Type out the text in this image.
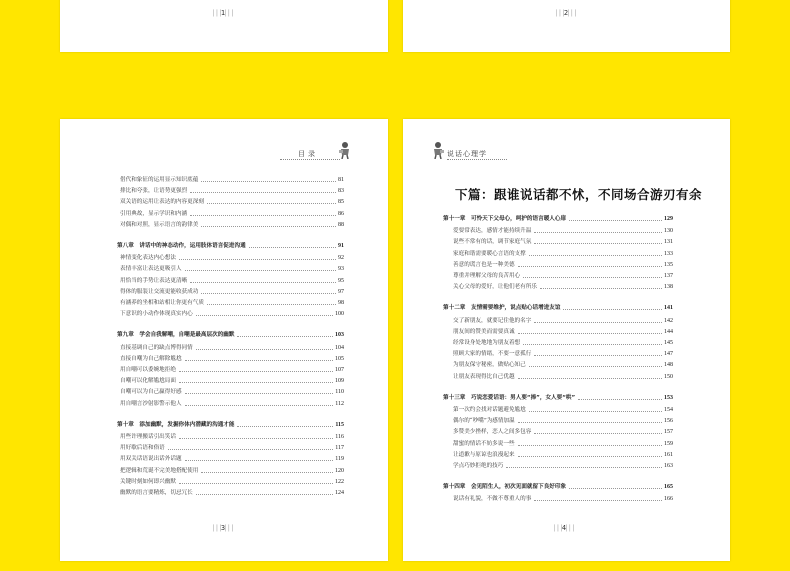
▕▕▕ 1 ▏▏▏	▕▕▕ 2 ▏▏▏
目录
借代和象征的运用显示知识底蕴	81
排比和夸张，让语势更强烈	83
双关语的运用让表达的内容更深刻	85
引用典故，显示学识和内涵	86
对偶和对照，显示语言的韵律美	88
第八章　讲话中的神态动作，运用肢体语言促进沟通	91
神情变化表达内心想法	92
表情丰富让表达更吸引人	93
用恰当的手势让表达更清晰	95
得体的服装让交流更能收获成功	97
有涵养的坐相和站相让你更有气质	98
下意识的小动作体现真实内心	100
第九章　学会自我解嘲，自嘲是最高层次的幽默	103
直接基调自己的缺点博得同情	104
直接自嘲为自己解除尴尬	105
用自嘲可以委婉地拒绝	107
自嘲可以化解尴尬局面	109
自嘲可以为自己赢得好感	110
用自嘲言沙射影警示他人	112
第十章　添加幽默，发掘你体内潜藏的沟通才能	115
用些许理搬话引出笑话	116
用好歇后语和俗语	117
用双关话语说出话外话题	119
把逻辑和荒诞不完美地搭配使用	120
关键时刻如何即兴幽默	122
幽默的语言要精炼，切忌冗长	124
▕▕▕ 3 ▏▏▏
说话心理学
下篇：跟谁说话都不怵，不同场合游刃有余
第十一章　可怜天下父母心，呵护的语言暖人心扉	129
爱要常表达，感情才能持续升温	130
说些不常有的话，调节家庭气氛	131
家庭和谐需要暖心言语的支撑	133
善意的谎言也是一种美德	135
尊重并理解父母的良苦用心	137
关心父母的爱好，让他们老有所乐	138
第十二章　友情需要维护，说点贴心话增进友谊	141
交了新朋友，就要记住他的名字	142
朋友间的赞美而需要真诚	144
经常设身处地地为朋友着想	145
照顾大家的情绪，不要一意孤行	147
为朋友保守秘密，做贴心知己	148
让朋友表现得比自己优越	150
第十三章　巧说恋爱话语：男人要“捧”，女人要“哄”	153
第一次约会找对话题避免尴尬	154
偶尔的“吵嘴”为感情加温	156
多赞美少挫样，恋人之间多包容	157
甜蜜的情话不妨多说一些	159
让道歉与原谅也浪漫起来	161
学点巧妙拒绝的技巧	163
第十四章　会见陌生人，初次见面就留下良好印象	165
说话有礼貌，不做不尊重人的事	166
▕▕▕ 4 ▏▏▏
